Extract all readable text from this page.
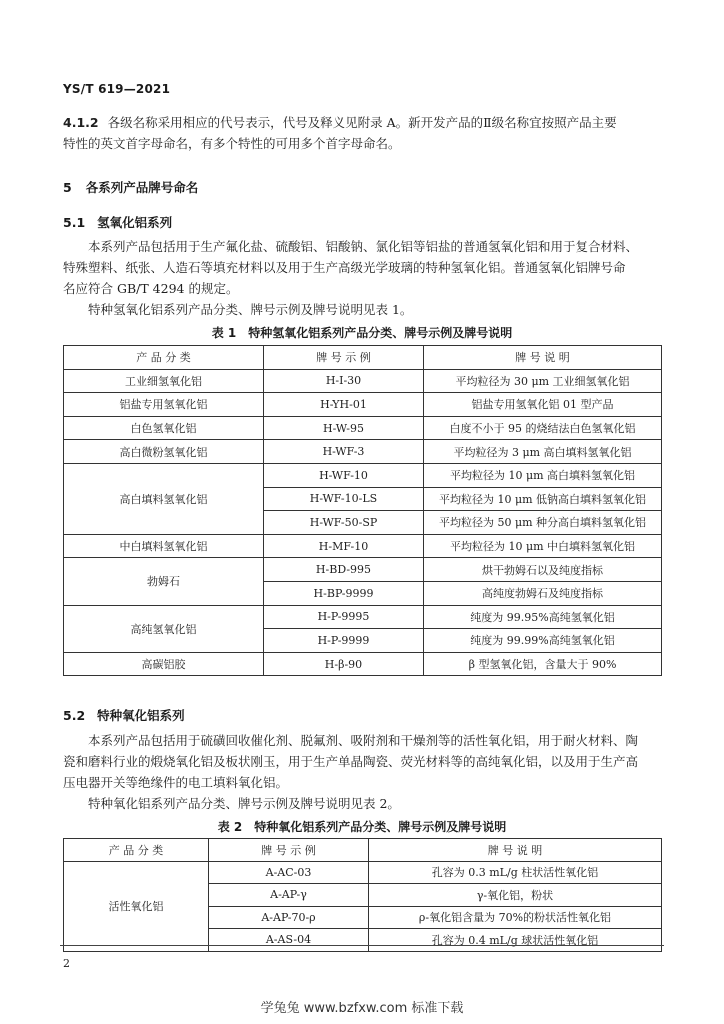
YS/T 619—2021
4.1.2 各级名称采用相应的代号表示，代号及释义见附录 A。新开发产品的Ⅱ级名称宜按照产品主要
特性的英文首字母命名，有多个特性的可用多个首字母命名。
5 各系列产品牌号命名
5.1 氢氧化铝系列
本系列产品包括用于生产氟化盐、硫酸铝、铝酸钠、氯化铝等铝盐的普通氢氧化铝和用于复合材料、
特殊塑料、纸张、人造石等填充材料以及用于生产高级光学玻璃的特种氢氧化铝。普通氢氧化铝牌号命
名应符合 GB/T 4294 的规定。
特种氢氧化铝系列产品分类、牌号示例及牌号说明见表 1。
表 1　特种氢氧化铝系列产品分类、牌号示例及牌号说明
产 品 分 类	牌 号 示 例	牌 号 说 明
工业细氢氧化铝	H-I-30	平均粒径为 30 μm 工业细氢氧化铝
铝盐专用氢氧化铝	H-YH-01	铝盐专用氢氧化铝 01 型产品
白色氢氧化铝	H-W-95	白度不小于 95 的烧结法白色氢氧化铝
高白微粉氢氧化铝	H-WF-3	平均粒径为 3 μm 高白填料氢氧化铝
高白填料氢氧化铝	H-WF-10	平均粒径为 10 μm 高白填料氢氧化铝
	H-WF-10-LS	平均粒径为 10 μm 低钠高白填料氢氧化铝
	H-WF-50-SP	平均粒径为 50 μm 种分高白填料氢氧化铝
中白填料氢氧化铝	H-MF-10	平均粒径为 10 μm 中白填料氢氧化铝
勃姆石	H-BD-995	烘干勃姆石以及纯度指标
	H-BP-9999	高纯度勃姆石及纯度指标
高纯氢氧化铝	H-P-9995	纯度为 99.95%高纯氢氧化铝
	H-P-9999	纯度为 99.99%高纯氢氧化铝
高碳铝胶	H-β-90	β 型氢氧化铝，含量大于 90%
5.2 特种氧化铝系列
本系列产品包括用于硫磺回收催化剂、脱氟剂、吸附剂和干燥剂等的活性氧化铝，用于耐火材料、陶
瓷和磨料行业的煅烧氧化铝及板状刚玉，用于生产单晶陶瓷、荧光材料等的高纯氧化铝，以及用于生产高
压电器开关等绝缘件的电工填料氧化铝。
特种氧化铝系列产品分类、牌号示例及牌号说明见表 2。
表 2　特种氧化铝系列产品分类、牌号示例及牌号说明
产 品 分 类	牌 号 示 例	牌 号 说 明
活性氧化铝	A-AC-03	孔容为 0.3 mL/g 柱状活性氧化铝
	A-AP-γ	γ-氧化铝，粉状
	A-AP-70-ρ	ρ-氧化铝含量为 70%的粉状活性氧化铝
	A-AS-04	孔容为 0.4 mL/g 球状活性氧化铝
2
学兔兔 www.bzfxw.com 标准下载
